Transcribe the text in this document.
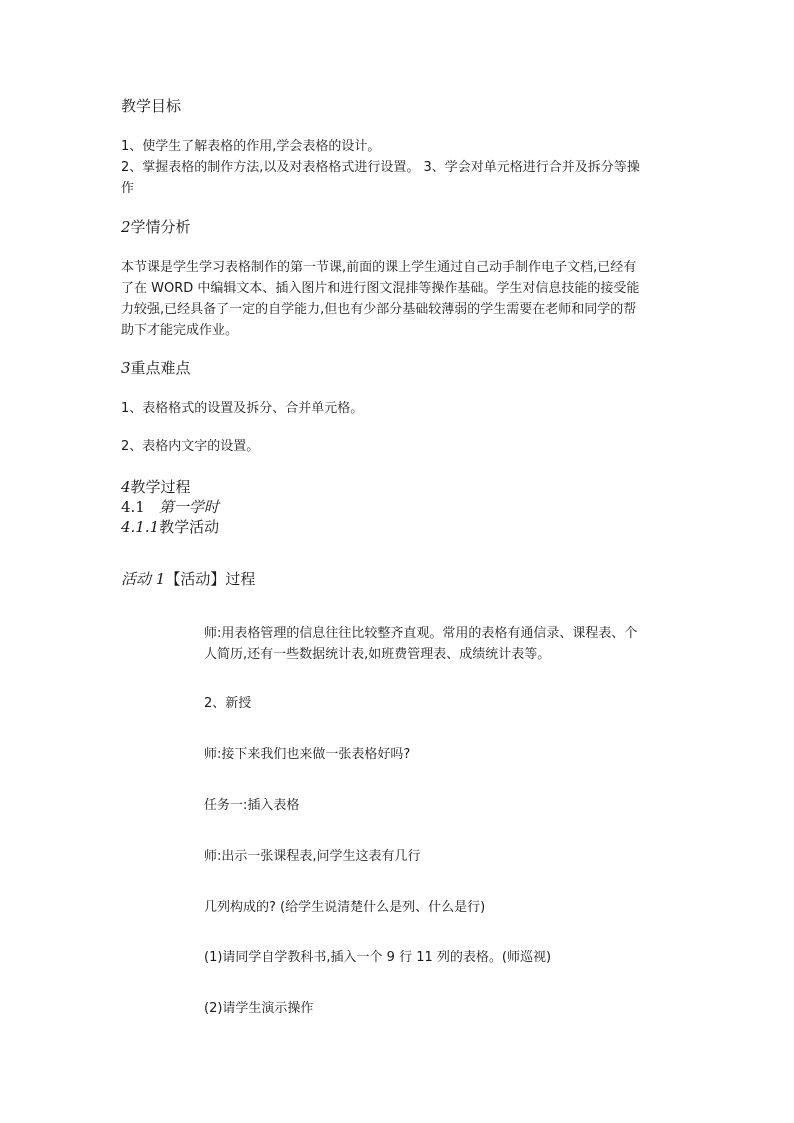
教学目标
1、使学生了解表格的作用,学会表格的设计。
2、掌握表格的制作方法,以及对表格格式进行设置。 3、学会对单元格进行合并及拆分等操
作
2学情分析
本节课是学生学习表格制作的第一节课,前面的课上学生通过自己动手制作电子文档,已经有
了在 WORD 中编辑文本、插入图片和进行图文混排等操作基础。学生对信息技能的接受能
力较强,已经具备了一定的自学能力,但也有少部分基础较薄弱的学生需要在老师和同学的帮
助下才能完成作业。
3重点难点
1、表格格式的设置及拆分、合并单元格。
2、表格内文字的设置。
4教学过程
4.1 第一学时
4.1.1教学活动
活动 1【活动】过程
师:用表格管理的信息往往比较整齐直观。常用的表格有通信录、课程表、个
人简历,还有一些数据统计表,如班费管理表、成绩统计表等。
2、新授
师:接下来我们也来做一张表格好吗?
任务一:插入表格
师:出示一张课程表,问学生这表有几行
几列构成的? (给学生说清楚什么是列、什么是行)
(1)请同学自学教科书,插入一个 9 行 11 列的表格。(师巡视)
(2)请学生演示操作
